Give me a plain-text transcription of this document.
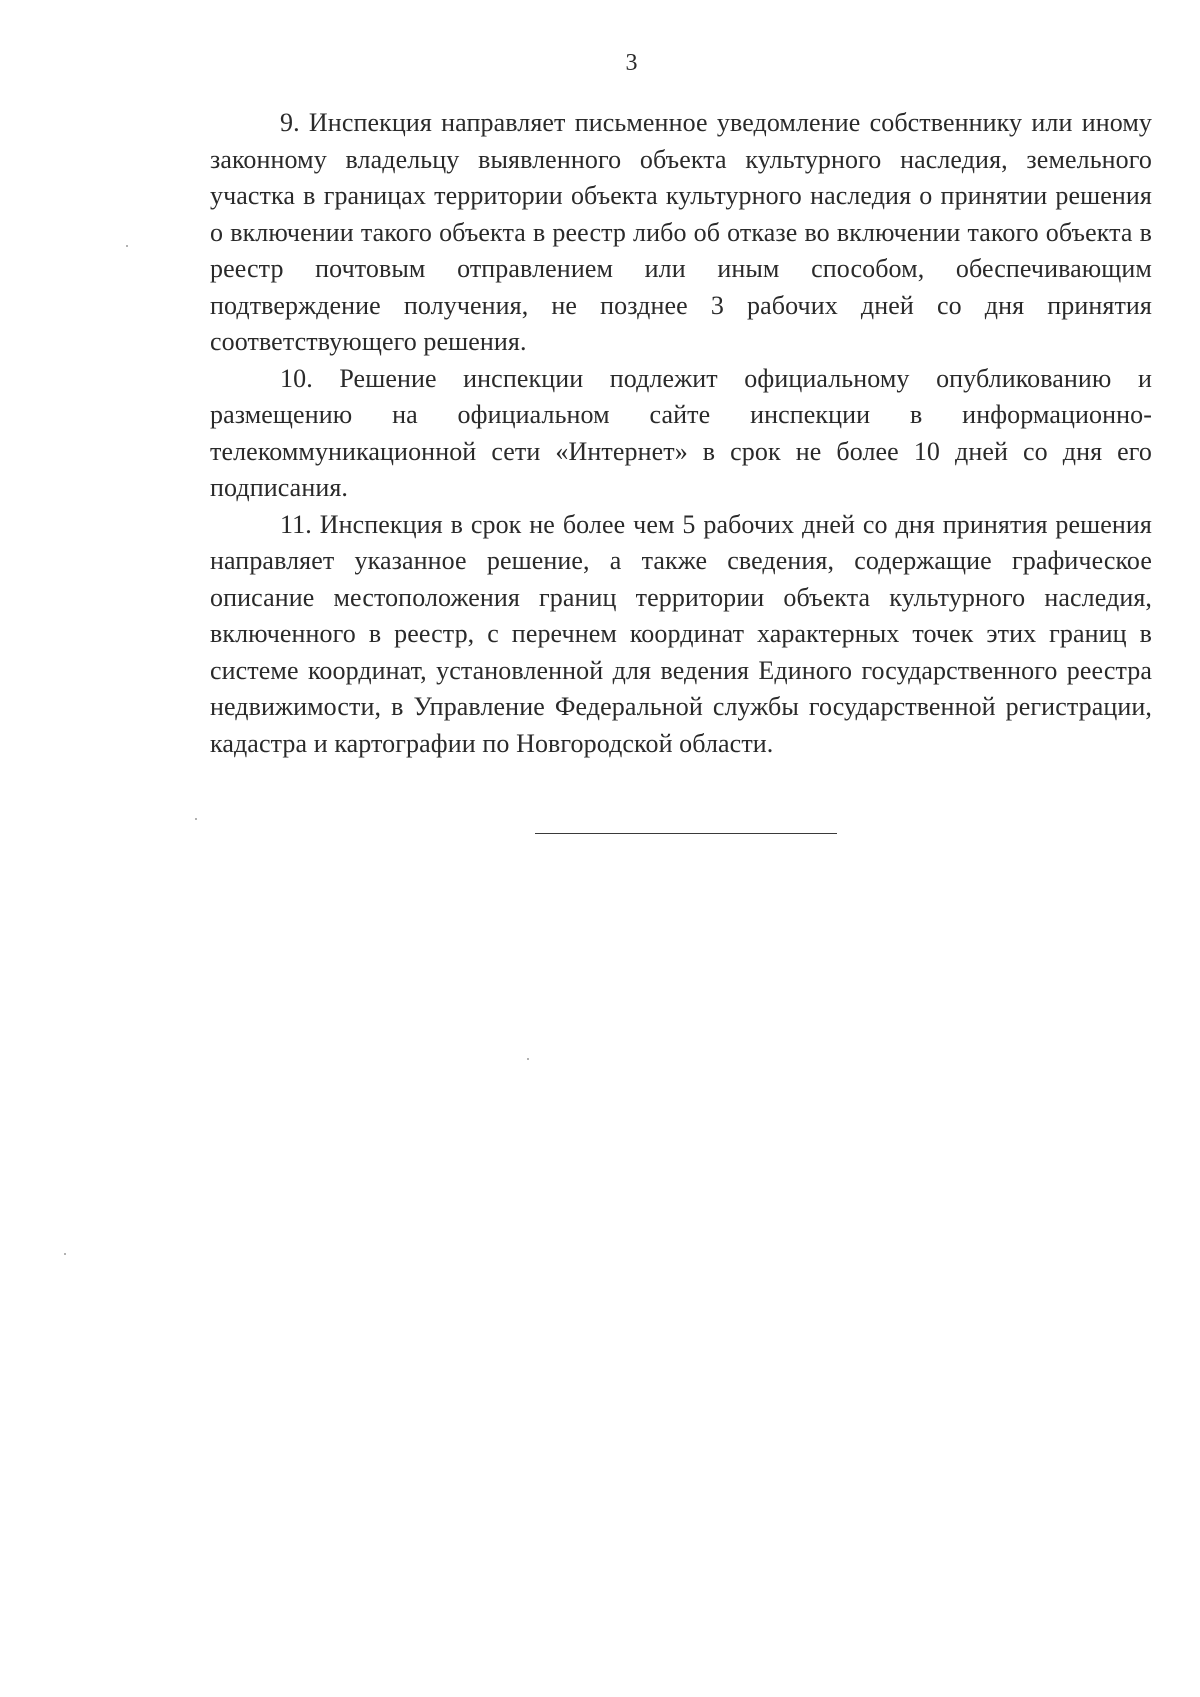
3

9. Инспекция направляет письменное уведомление собственнику или иному законному владельцу выявленного объекта культурного наследия, земельного участка в границах территории объекта культурного наследия о принятии решения о включении такого объекта в реестр либо об отказе во включении такого объекта в реестр почтовым отправлением или иным способом, обеспечивающим подтверждение получения, не позднее 3 рабочих дней со дня принятия соответствующего решения.

10. Решение инспекции подлежит официальному опубликованию и размещению на официальном сайте инспекции в информационно-телекоммуникационной сети «Интернет» в срок не более 10 дней со дня его подписания.

11. Инспекция в срок не более чем 5 рабочих дней со дня принятия решения направляет указанное решение, а также сведения, содержащие графическое описание местоположения границ территории объекта культурного наследия, включенного в реестр, с перечнем координат характерных точек этих границ в системе координат, установленной для ведения Единого государственного реестра недвижимости, в Управление Федеральной службы государственной регистрации, кадастра и картографии по Новгородской области.
